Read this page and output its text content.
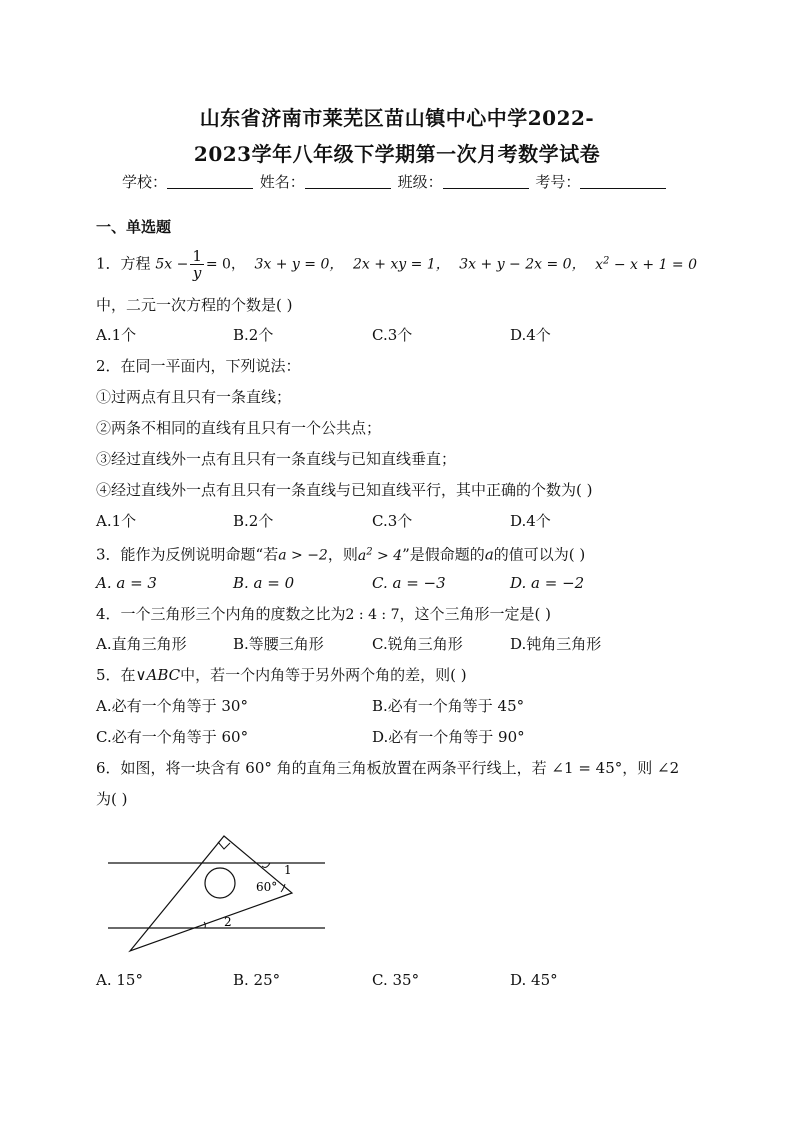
山东省济南市莱芜区苗山镇中心中学2022-
2023学年八年级下学期第一次月考数学试卷
学校：	姓名：	班级：	考号：
一、单选题
1．方程 $5x - \frac{1}{y} = 0$， 3x + y = 0， 2x + xy = 1， 3x + y − 2x = 0， $x^2 - x + 1 = 0$
中，二元一次方程的个数是( )
A.1个	B.2个	C.3个	D.4个
2．在同一平面内，下列说法：
①过两点有且只有一条直线；
②两条不相同的直线有且只有一个公共点；
③经过直线外一点有且只有一条直线与已知直线垂直；
④经过直线外一点有且只有一条直线与已知直线平行，其中正确的个数为( )
A.1个	B.2个	C.3个	D.4个
3．能作为反例说明命题“若a > −2，则$a^2 > 4$”是假命题的a的值可以为( )
A. a = 3	B. a = 0	C. a = −3	D. a = −2
4．一个三角形三个内角的度数之比为2 : 4 : 7，这个三角形一定是( )
A.直角三角形	B.等腰三角形	C.锐角三角形	D.钝角三角形
5．在∨ABC中，若一个内角等于另外两个角的差，则( )
A.必有一个角等于 30°	B.必有一个角等于 45°
C.必有一个角等于 60°	D.必有一个角等于 90°
6．如图，将一块含有 60° 角的直角三角板放置在两条平行线上，若 ∠1 = 45°，则 ∠2
为( )
60°
1
2
A. 15°	B. 25°	C. 35°	D. 45°
